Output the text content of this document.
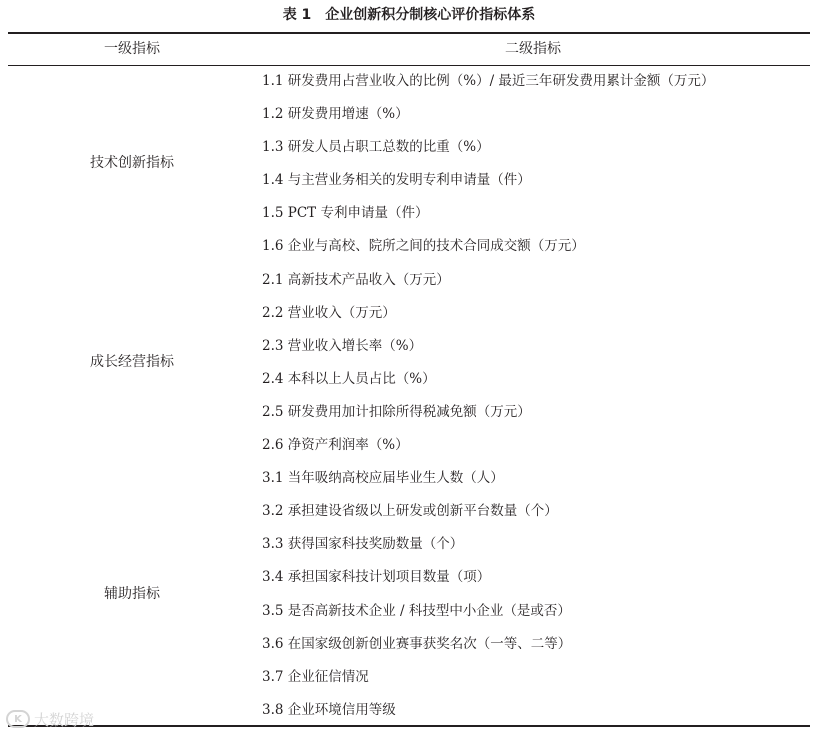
表 1　企业创新积分制核心评价指标体系
一级指标	二级指标
技术创新指标
成长经营指标
辅助指标
1.1 研发费用占营业收入的比例（%）/ 最近三年研发费用累计金额（万元）
1.2 研发费用增速（%）
1.3 研发人员占职工总数的比重（%）
1.4 与主营业务相关的发明专利申请量（件）
1.5 PCT 专利申请量（件）
1.6 企业与高校、院所之间的技术合同成交额（万元）
2.1 高新技术产品收入（万元）
2.2 营业收入（万元）
2.3 营业收入增长率（%）
2.4 本科以上人员占比（%）
2.5 研发费用加计扣除所得税减免额（万元）
2.6 净资产利润率（%）
3.1 当年吸纳高校应届毕业生人数（人）
3.2 承担建设省级以上研发或创新平台数量（个）
3.3 获得国家科技奖励数量（个）
3.4 承担国家科技计划项目数量（项）
3.5 是否高新技术企业 / 科技型中小企业（是或否）
3.6 在国家级创新创业赛事获奖名次（一等、二等）
3.7 企业征信情况
3.8 企业环境信用等级
K 大数跨境
